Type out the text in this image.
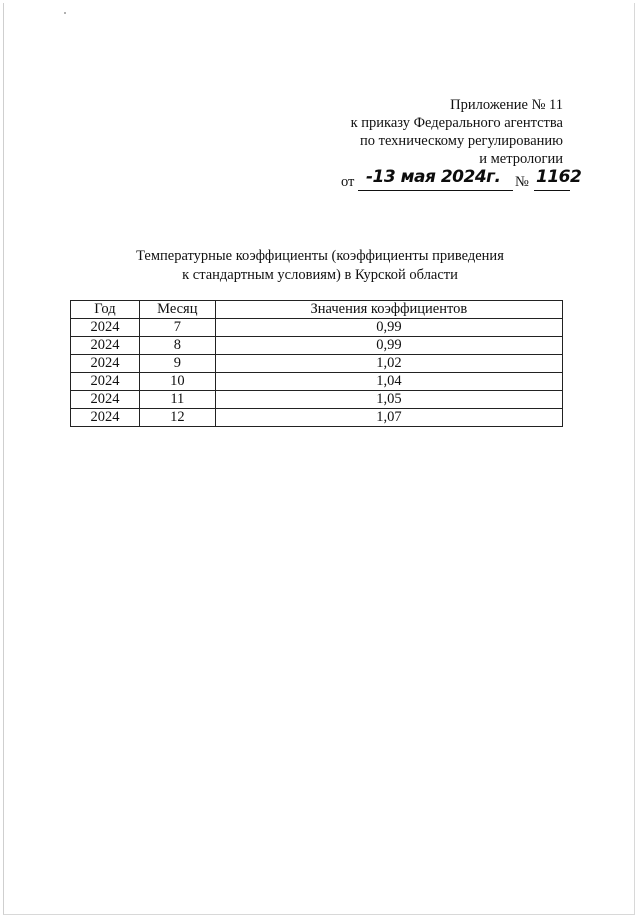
Приложение № 11
к приказу Федерального агентства
по техническому регулированию
и метрологии
от -13 мая 2024г. № 1162
Температурные коэффициенты (коэффициенты приведения
к стандартным условиям) в Курской области
Год	Месяц	Значения коэффициентов
2024	7	0,99
2024	8	0,99
2024	9	1,02
2024	10	1,04
2024	11	1,05
2024	12	1,07
